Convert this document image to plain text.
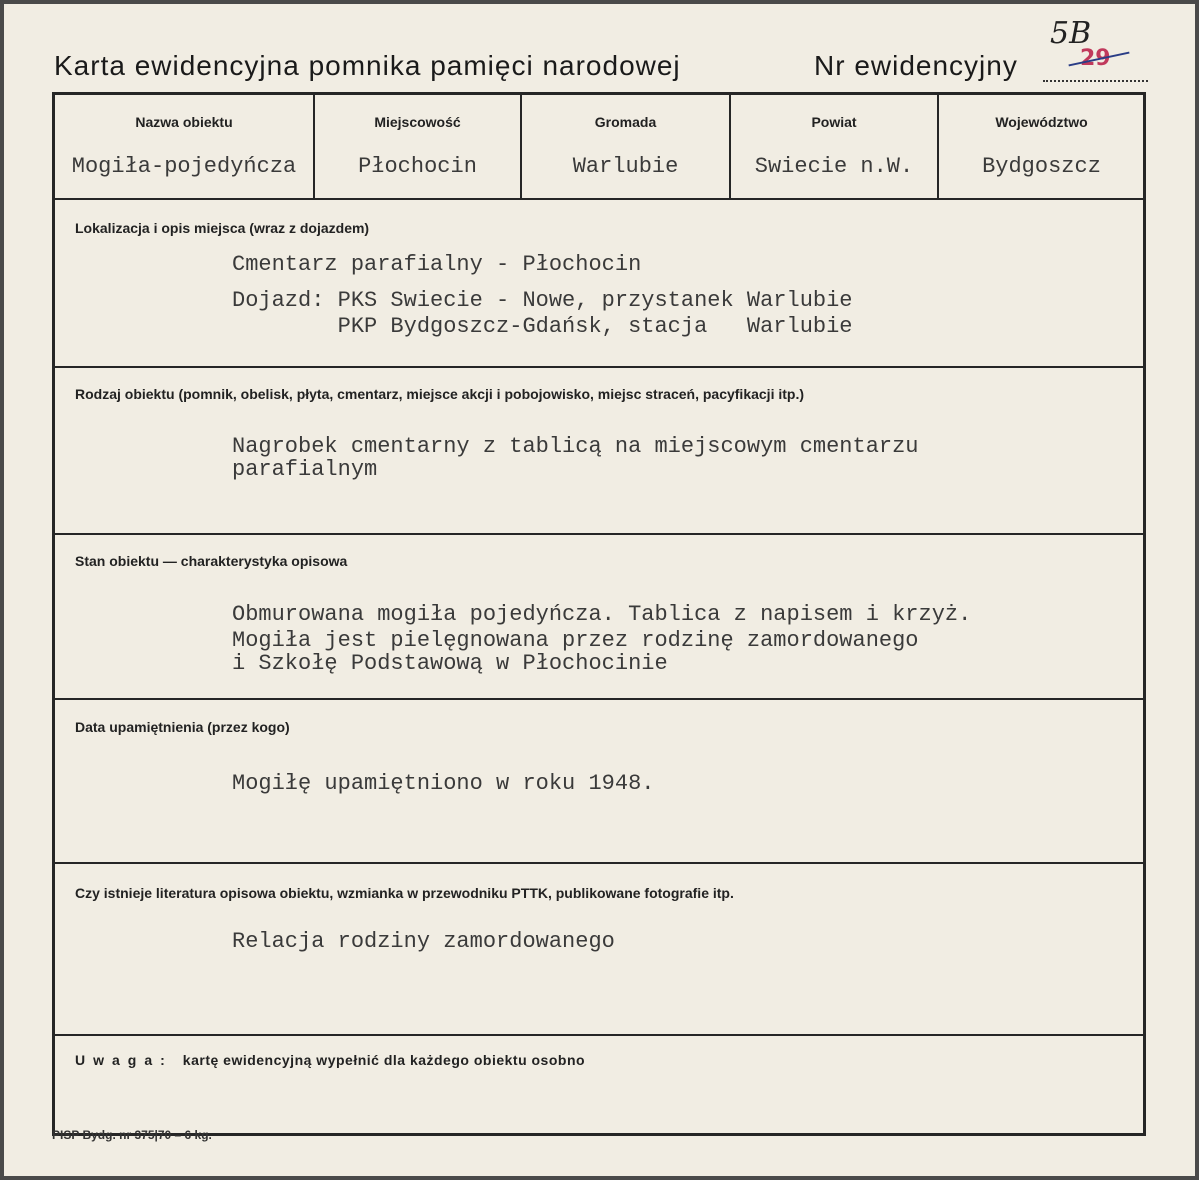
Karta ewidencyjna pomnika pamięci narodowej	Nr ewidencyjny
5B
29
Nazwa obiektu	Miejscowość	Gromada	Powiat	Województwo
Mogiła-pojedyńcza	Płochocin	Warlubie	Swiecie n.W.	Bydgoszcz
Lokalizacja i opis miejsca (wraz z dojazdem)
Cmentarz parafialny - Płochocin
Dojazd: PKS Swiecie - Nowe, przystanek Warlubie
PKP Bydgoszcz-Gdańsk, stacja   Warlubie
Rodzaj obiektu (pomnik, obelisk, płyta, cmentarz, miejsce akcji i pobojowisko, miejsc straceń, pacyfikacji itp.)
Nagrobek cmentarny z tablicą na miejscowym cmentarzu
parafialnym
Stan obiektu — charakterystyka opisowa
Obmurowana mogiła pojedyńcza. Tablica z napisem i krzyż.
Mogiła jest pielęgnowana przez rodzinę zamordowanego
i Szkołę Podstawową w Płochocinie
Data upamiętnienia (przez kogo)
Mogiłę upamiętniono w roku 1948.
Czy istnieje literatura opisowa obiektu, wzmianka w przewodniku PTTK, publikowane fotografie itp.
Relacja rodziny zamordowanego
Uwaga: kartę ewidencyjną wypełnić dla każdego obiektu osobno
PISP Bydg. nr 375|70 – 6 kg.
